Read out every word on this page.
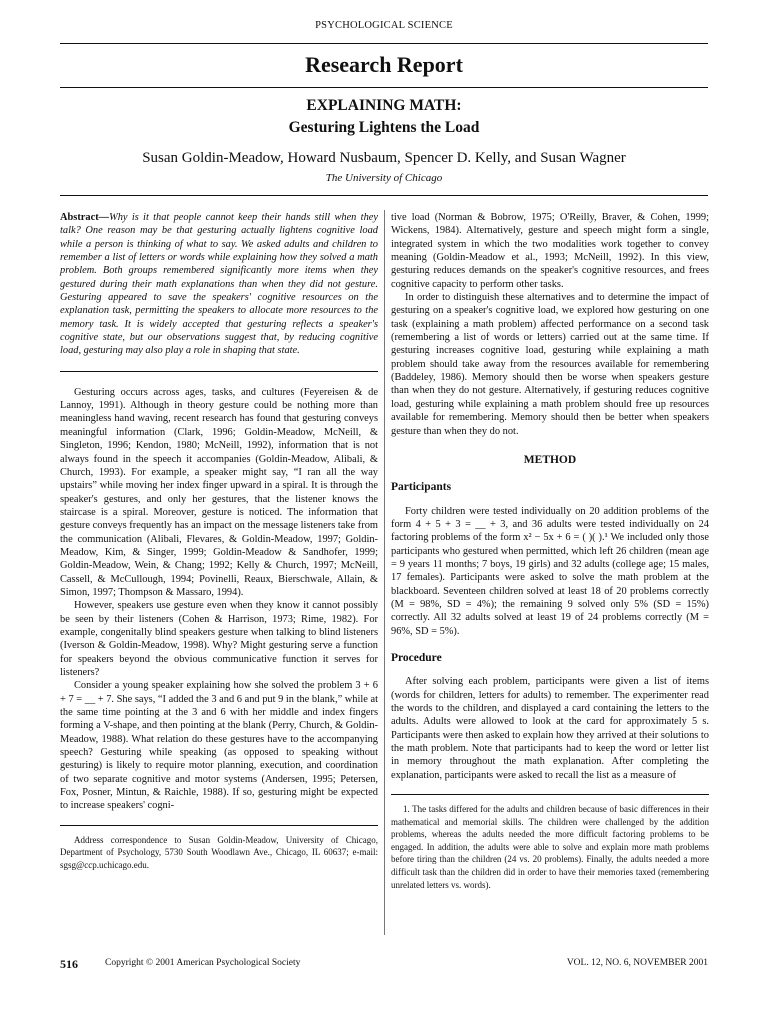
PSYCHOLOGICAL SCIENCE
Research Report
EXPLAINING MATH:
Gesturing Lightens the Load
Susan Goldin-Meadow, Howard Nusbaum, Spencer D. Kelly, and Susan Wagner
The University of Chicago

Abstract—Why is it that people cannot keep their hands still when they talk? One reason may be that gesturing actually lightens cognitive load while a person is thinking of what to say. We asked adults and children to remember a list of letters or words while explaining how they solved a math problem. Both groups remembered significantly more items when they gestured during their math explanations than when they did not gesture. Gesturing appeared to save the speakers' cognitive resources on the explanation task, permitting the speakers to allocate more resources to the memory task. It is widely accepted that gesturing reflects a speaker's cognitive state, but our observations suggest that, by reducing cognitive load, gesturing may also play a role in shaping that state.

Gesturing occurs across ages, tasks, and cultures (Feyereisen & de Lannoy, 1991). Although in theory gesture could be nothing more than meaningless hand waving, recent research has found that gesturing conveys meaningful information (Clark, 1996; Goldin-Meadow, McNeill, & Singleton, 1996; Kendon, 1980; McNeill, 1992), information that is not always found in the speech it accompanies (Goldin-Meadow, Alibali, & Church, 1993). For example, a speaker might say, “I ran all the way upstairs” while moving her index finger upward in a spiral. It is through the speaker's gestures, and only her gestures, that the listener knows the staircase is a spiral. Moreover, gesture is noticed. The information that gesture conveys frequently has an impact on the message listeners take from the communication (Alibali, Flevares, & Goldin-Meadow, 1997; Goldin-Meadow, Kim, & Singer, 1999; Goldin-Meadow & Sandhofer, 1999; Goldin-Meadow, Wein, & Chang; 1992; Kelly & Church, 1997; McNeill, Cassell, & McCullough, 1994; Povinelli, Reaux, Bierschwale, Allain, & Simon, 1997; Thompson & Massaro, 1994).

However, speakers use gesture even when they know it cannot possibly be seen by their listeners (Cohen & Harrison, 1973; Rime, 1982). For example, congenitally blind speakers gesture when talking to blind listeners (Iverson & Goldin-Meadow, 1998). Why? Might gesturing serve a function for speakers beyond the obvious communicative function it serves for listeners?

Consider a young speaker explaining how she solved the problem 3 + 6 + 7 = __ + 7. She says, “I added the 3 and 6 and put 9 in the blank,” while at the same time pointing at the 3 and 6 with her middle and index fingers forming a V-shape, and then pointing at the blank (Perry, Church, & Goldin-Meadow, 1988). What relation do these gestures have to the accompanying speech? Gesturing while speaking (as opposed to speaking without gesturing) is likely to require motor planning, execution, and coordination of two separate cognitive and motor systems (Andersen, 1995; Petersen, Fox, Posner, Mintun, & Raichle, 1988). If so, gesturing might be expected to increase speakers' cogni-

Address correspondence to Susan Goldin-Meadow, University of Chicago, Department of Psychology, 5730 South Woodlawn Ave., Chicago, IL 60637; e-mail: sgsg@ccp.uchicago.edu.

tive load (Norman & Bobrow, 1975; O'Reilly, Braver, & Cohen, 1999; Wickens, 1984). Alternatively, gesture and speech might form a single, integrated system in which the two modalities work together to convey meaning (Goldin-Meadow et al., 1993; McNeill, 1992). In this view, gesturing reduces demands on the speaker's cognitive resources, and frees cognitive capacity to perform other tasks.

In order to distinguish these alternatives and to determine the impact of gesturing on a speaker's cognitive load, we explored how gesturing on one task (explaining a math problem) affected performance on a second task (remembering a list of words or letters) carried out at the same time. If gesturing increases cognitive load, gesturing while explaining a math problem should take away from the resources available for remembering (Baddeley, 1986). Memory should then be worse when speakers gesture than when they do not gesture. Alternatively, if gesturing reduces cognitive load, gesturing while explaining a math problem should free up resources available for remembering. Memory should then be better when speakers gesture than when they do not.

METHOD
Participants

Forty children were tested individually on 20 addition problems of the form 4 + 5 + 3 = __ + 3, and 36 adults were tested individually on 24 factoring problems of the form x² − 5x + 6 = ( )( ).¹ We included only those participants who gestured when permitted, which left 26 children (mean age = 9 years 11 months; 7 boys, 19 girls) and 32 adults (college age; 15 males, 17 females). Participants were asked to solve the math problem at the blackboard. Seventeen children solved at least 18 of 20 problems correctly (M = 98%, SD = 4%); the remaining 9 solved only 5% (SD = 15%) correctly. All 32 adults solved at least 19 of 24 problems correctly (M = 96%, SD = 5%).

Procedure

After solving each problem, participants were given a list of items (words for children, letters for adults) to remember. The experimenter read the words to the children, and displayed a card containing the letters to the adults. Adults were allowed to look at the card for approximately 5 s. Participants were then asked to explain how they arrived at their solutions to the math problem. Note that participants had to keep the word or letter list in memory throughout the math explanation. After completing the explanation, participants were asked to recall the list as a measure of

1. The tasks differed for the adults and children because of basic differences in their mathematical and memorial skills. The children were challenged by the addition problems, whereas the adults needed the more difficult factoring problems to be engaged. In addition, the adults were able to solve and explain more math problems before tiring than the children (24 vs. 20 problems). Finally, the adults needed a more difficult task than the children did in order to have their memories taxed (remembering unrelated letters vs. words).

516	Copyright © 2001 American Psychological Society	VOL. 12, NO. 6, NOVEMBER 2001
